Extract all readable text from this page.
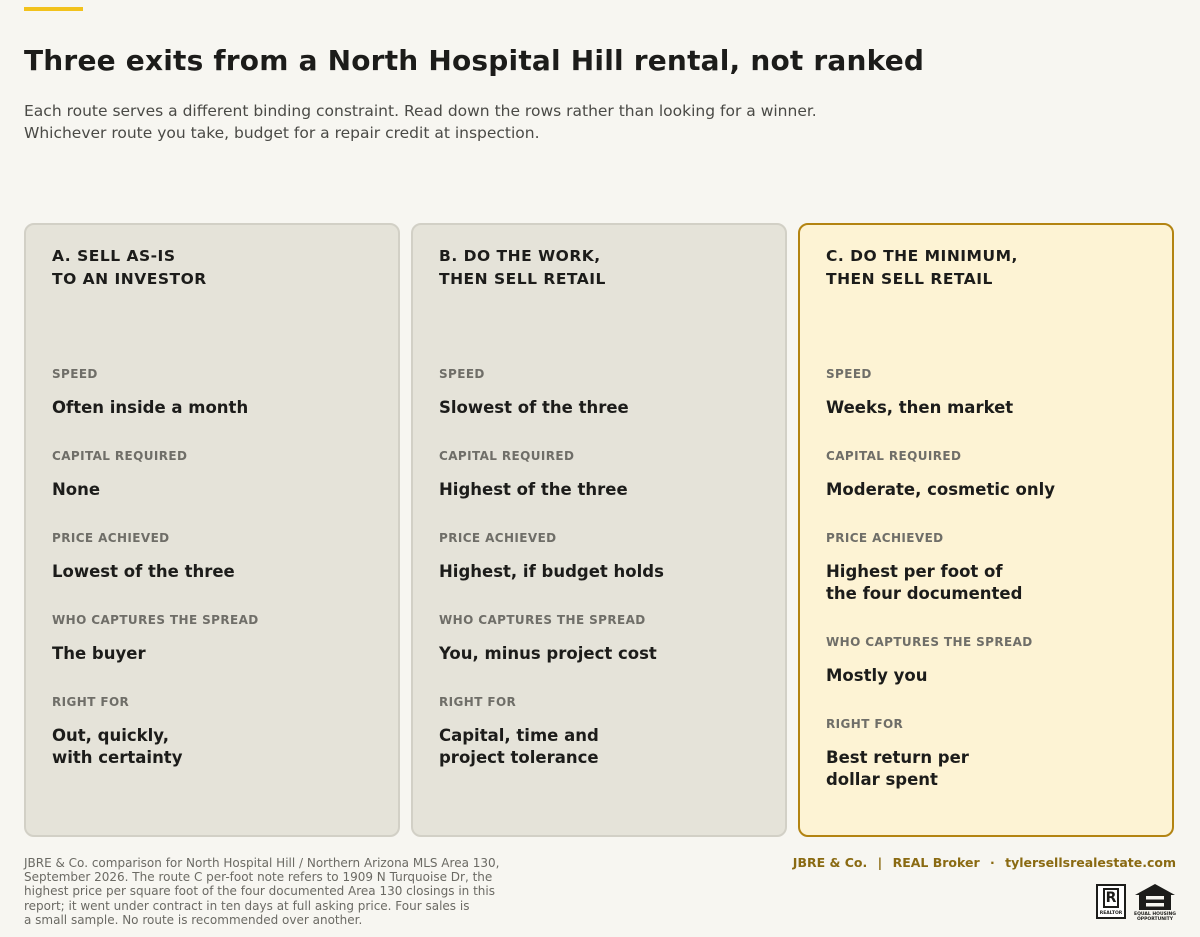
Three exits from a North Hospital Hill rental, not ranked
Each route serves a different binding constraint. Read down the rows rather than looking for a winner.
Whichever route you take, budget for a repair credit at inspection.
A. SELL AS-IS
TO AN INVESTOR
SPEED
Often inside a month
CAPITAL REQUIRED
None
PRICE ACHIEVED
Lowest of the three
WHO CAPTURES THE SPREAD
The buyer
RIGHT FOR
Out, quickly,
with certainty
B. DO THE WORK,
THEN SELL RETAIL
SPEED
Slowest of the three
CAPITAL REQUIRED
Highest of the three
PRICE ACHIEVED
Highest, if budget holds
WHO CAPTURES THE SPREAD
You, minus project cost
RIGHT FOR
Capital, time and
project tolerance
C. DO THE MINIMUM,
THEN SELL RETAIL
SPEED
Weeks, then market
CAPITAL REQUIRED
Moderate, cosmetic only
PRICE ACHIEVED
Highest per foot of
the four documented
WHO CAPTURES THE SPREAD
Mostly you
RIGHT FOR
Best return per
dollar spent
JBRE & Co. comparison for North Hospital Hill / Northern Arizona MLS Area 130,
September 2026. The route C per-foot note refers to 1909 N Turquoise Dr, the
highest price per square foot of the four documented Area 130 closings in this
report; it went under contract in ten days at full asking price. Four sales is
a small sample. No route is recommended over another.
JBRE & Co. | REAL Broker · tylersellsrealestate.com
R
REALTOR	EQUAL HOUSING
OPPORTUNITY
